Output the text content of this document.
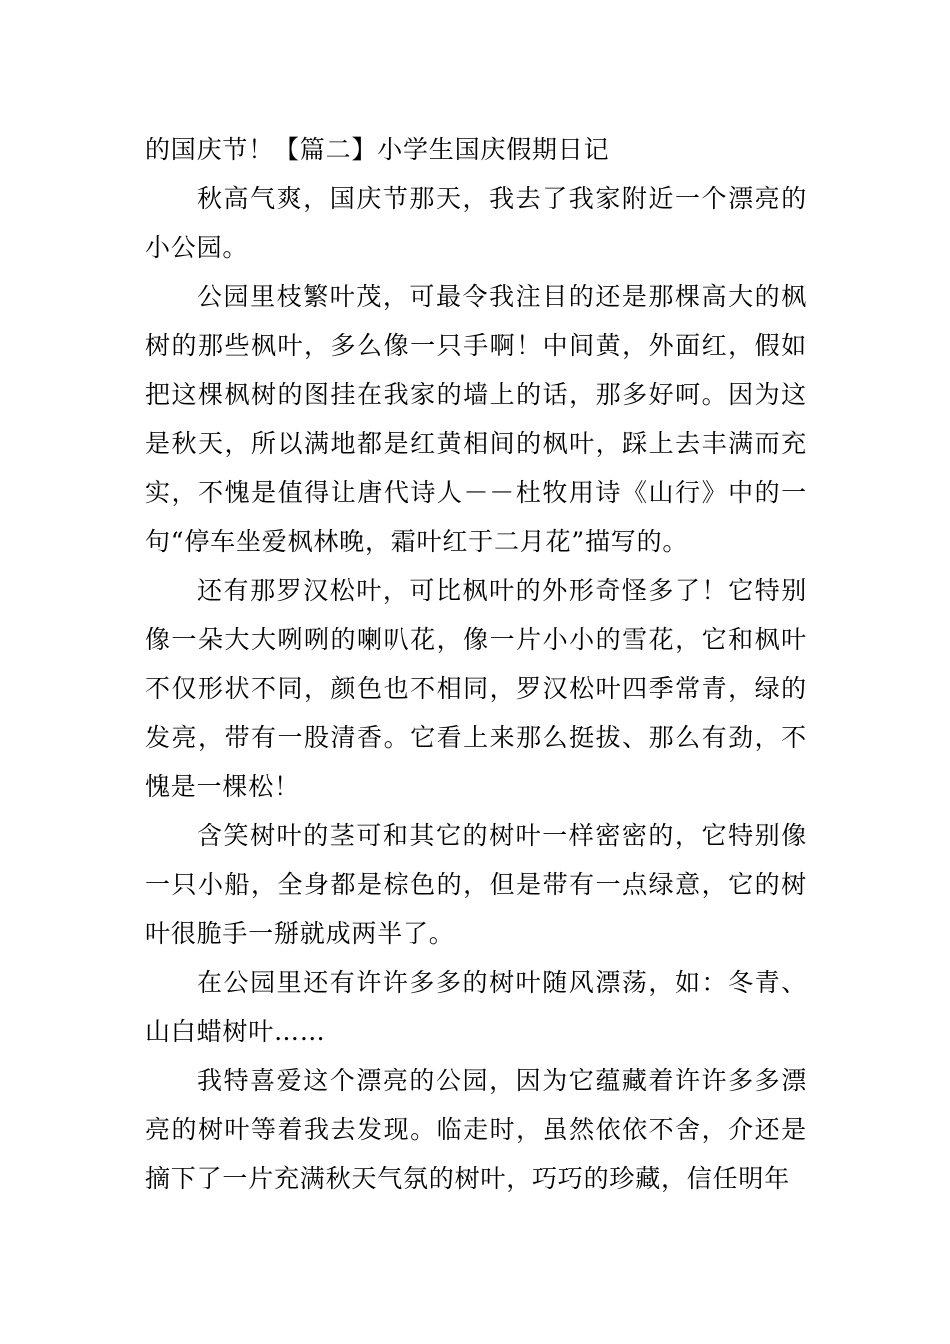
的国庆节！【篇二】小学生国庆假期日记

秋高气爽，国庆节那天，我去了我家附近一个漂亮的小公园。

公园里枝繁叶茂，可最令我注目的还是那棵高大的枫树的那些枫叶，多么像一只手啊！中间黄，外面红，假如把这棵枫树的图挂在我家的墙上的话，那多好呵。因为这是秋天，所以满地都是红黄相间的枫叶，踩上去丰满而充实，不愧是值得让唐代诗人－－杜牧用诗《山行》中的一句“停车坐爱枫林晚，霜叶红于二月花”描写的。

还有那罗汉松叶，可比枫叶的外形奇怪多了！它特别像一朵大大咧咧的喇叭花，像一片小小的雪花，它和枫叶不仅形状不同，颜色也不相同，罗汉松叶四季常青，绿的发亮，带有一股清香。它看上来那么挺拔、那么有劲，不愧是一棵松！

含笑树叶的茎可和其它的树叶一样密密的，它特别像一只小船，全身都是棕色的，但是带有一点绿意，它的树叶很脆手一掰就成两半了。

在公园里还有许许多多的树叶随风漂荡，如：冬青、山白蜡树叶……

我特喜爱这个漂亮的公园，因为它蕴藏着许许多多漂亮的树叶等着我去发现。临走时，虽然依依不舍，介还是摘下了一片充满秋天气氛的树叶，巧巧的珍藏，信任明年
